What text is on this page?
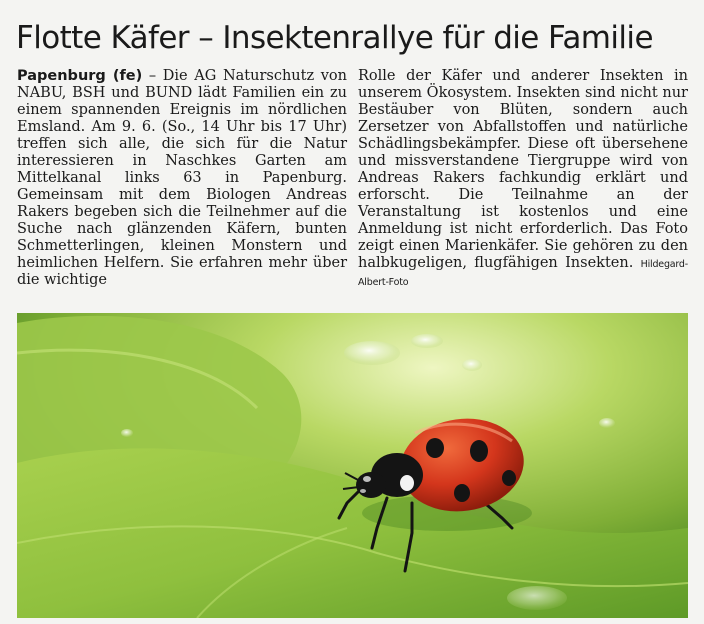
Flotte Käfer – Insektenrallye für die Familie

Papenburg (fe) – Die AG Naturschutz von NABU, BSH und BUND lädt Familien ein zu einem spannenden Ereignis im nördlichen Emsland. Am 9. 6. (So., 14 Uhr bis 17 Uhr) treffen sich alle, die sich für die Natur interessieren in Naschkes Garten am Mittelkanal links 63 in Papenburg. Gemeinsam mit dem Biologen Andreas Rakers begeben sich die Teilnehmer auf die Suche nach glänzenden Käfern, bunten Schmetterlingen, kleinen Monstern und heimlichen Helfern. Sie erfahren mehr über die wichtige

Rolle der Käfer und anderer Insekten in unserem Ökosystem. Insekten sind nicht nur Bestäuber von Blüten, sondern auch Zersetzer von Abfallstoffen und natürliche Schädlingsbekämpfer. Diese oft übersehene und missverstandene Tiergruppe wird von Andreas Rakers fachkundig erklärt und erforscht. Die Teilnahme an der Veranstaltung ist kostenlos und eine Anmeldung ist nicht erforderlich. Das Foto zeigt einen Marienkäfer. Sie gehören zu den halbkugeligen, flugfähigen Insekten. Hildegard-Albert-Foto
